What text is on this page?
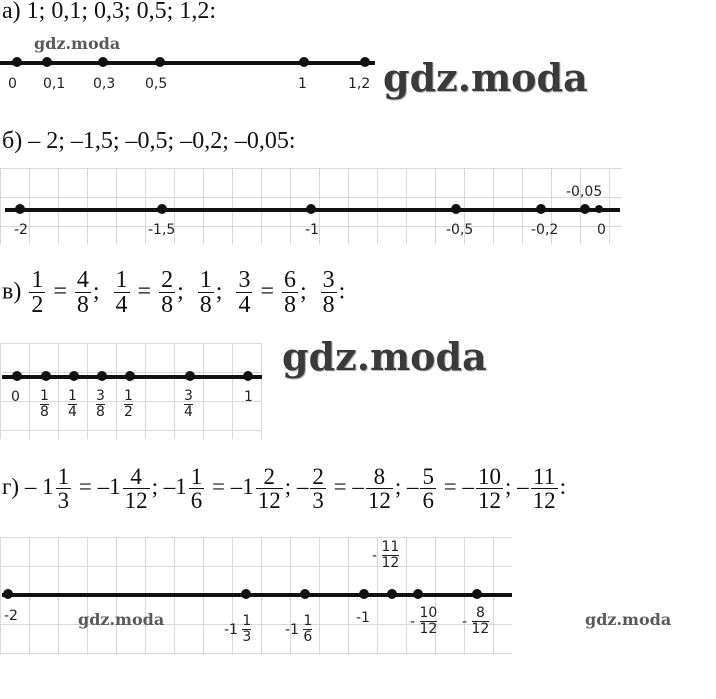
а) 1; 0,1; 0,3; 0,5; 1,2:
gdz.moda
0 0,1 0,3 0,5	1	1,2 gdz.moda
б) – 2; –1,5; –0,5; –0,2; –0,05:
-2	-1,5	-1	-0,5	-0,2
-0,05
0
$в) \frac{1}{2} = \frac{4}{8}$ ; $\frac{1}{4} = \frac{2}{8}$ ; $\frac{1}{8}$ ; $\frac{3}{4} = \frac{6}{8}$ ; $\frac{3}{8}$ :
$0 \frac{1}{8} \frac{1}{4} \frac{3}{8} \frac{1}{2}$	$\frac{3}{4}$	1
gdz.moda
$г) - 1 \frac{1}{3} = -1 \frac{4}{12}$ ; $-1 \frac{1}{6} = -1 \frac{2}{12}$ ; – $\frac{2}{3}$ = – $\frac{8}{12}$ ; – $\frac{5}{6}$ = – $\frac{10}{12}$ ; – $\frac{11}{12}$ :
-2	gdz.moda
$-1 \frac{1}{3} -1 \frac{1}{6}$	-1
- $\frac{11}{12}$
- $\frac{10}{12} - \frac{8}{12}$	gdz.moda
